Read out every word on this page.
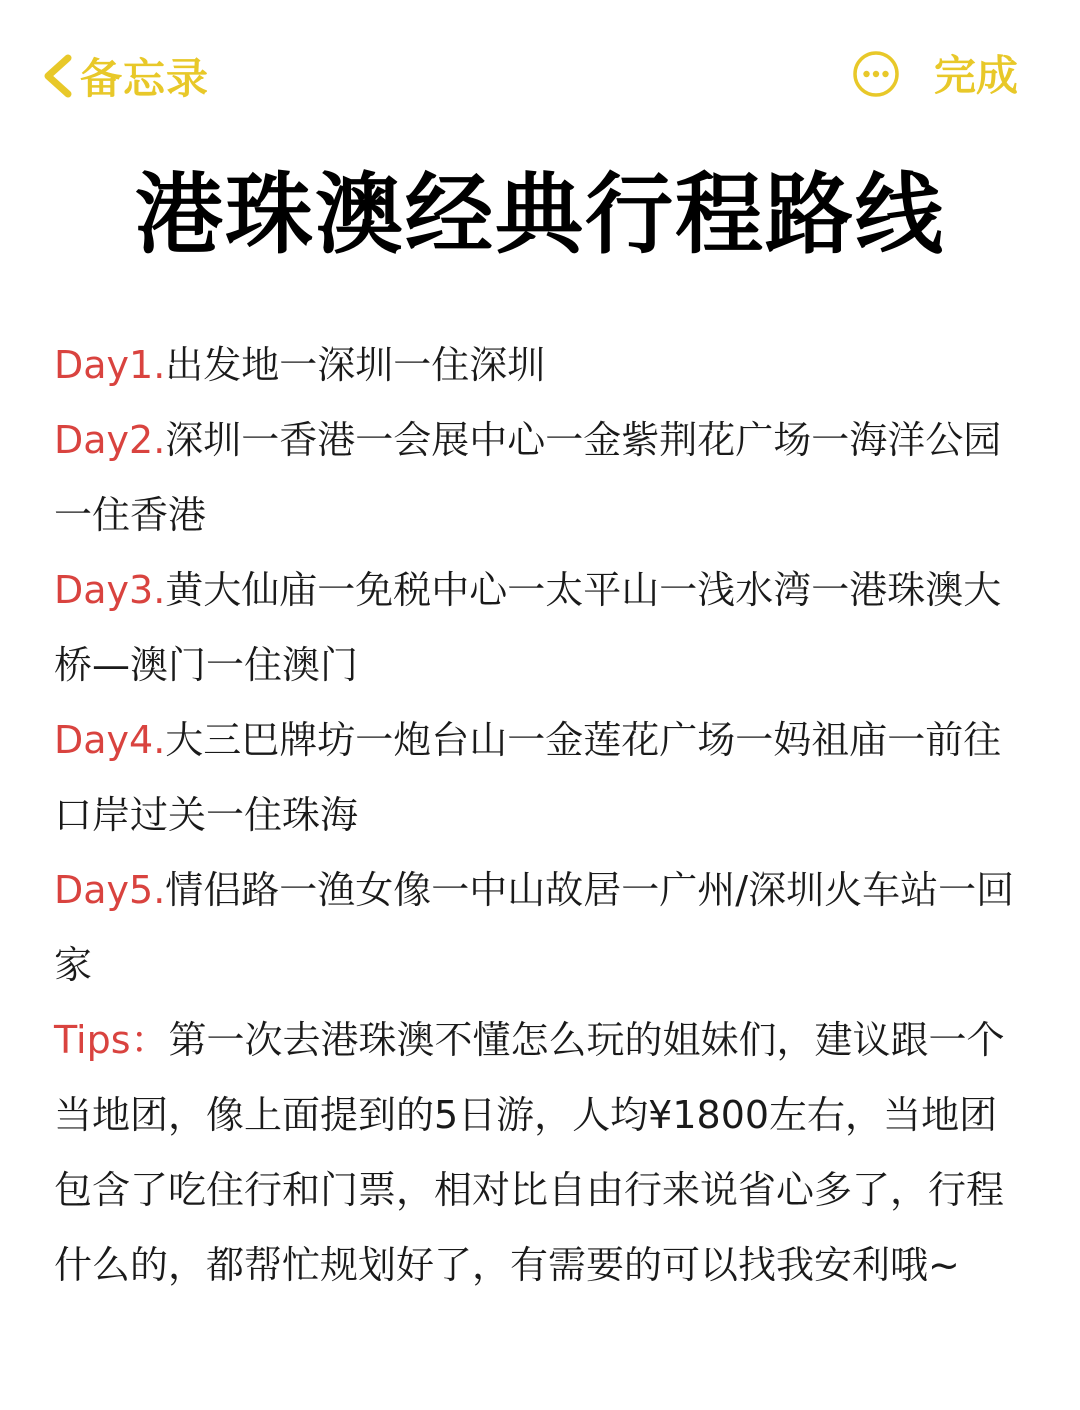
备忘录	完成
港珠澳经典行程路线

Day1.出发地一深圳一住深圳

Day2.深圳一香港一会展中心一金紫荆花广场一海洋公园一住香港

Day3.黄大仙庙一免税中心一太平山一浅水湾一港珠澳大桥—澳门一住澳门

Day4.大三巴牌坊一炮台山一金莲花广场一妈祖庙一前往口岸过关一住珠海

Day5.情侣路一渔女像一中山故居一广州/深圳火车站一回家

Tips：第一次去港珠澳不懂怎么玩的姐妹们，建议跟一个当地团，像上面提到的5日游，人均¥1800左右，当地团包含了吃住行和门票，相对比自由行来说省心多了，行程什么的，都帮忙规划好了，有需要的可以找我安利哦~
